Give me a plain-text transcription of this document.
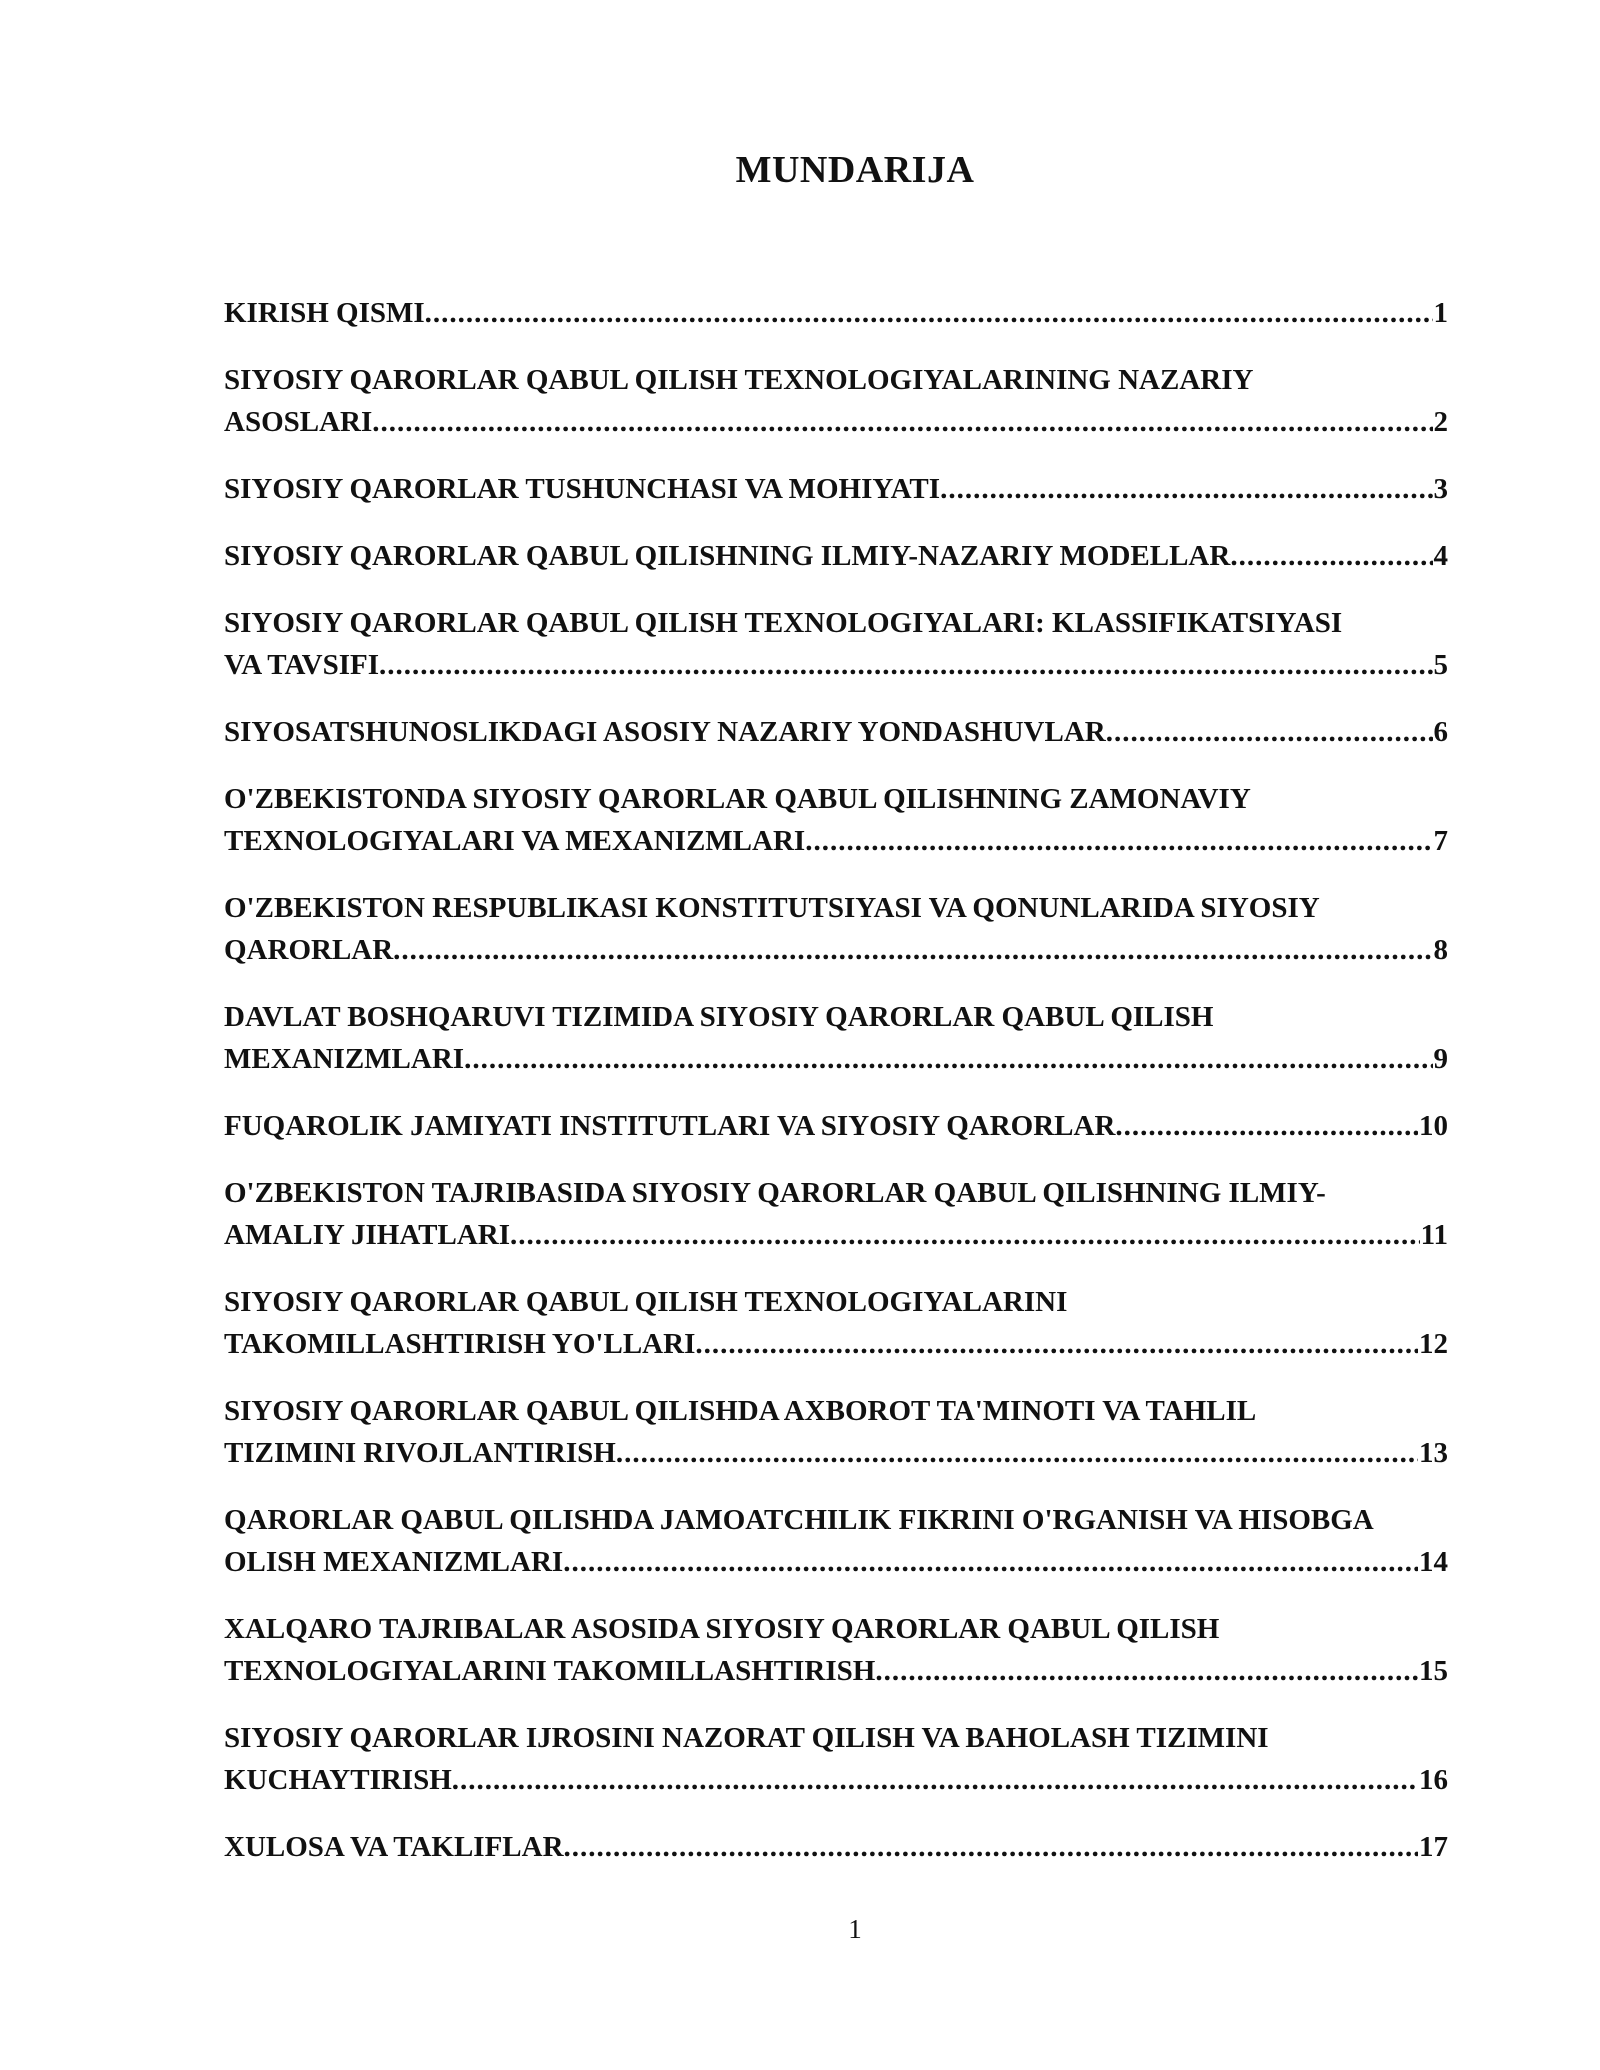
MUNDARIJA
KIRISH QISMI .....	1
SIYOSIY QARORLAR QABUL QILISH TEXNOLOGIYALARINING NAZARIY
ASOSLARI .....	2
SIYOSIY QARORLAR TUSHUNCHASI VA MOHIYATI .....	3
SIYOSIY QARORLAR QABUL QILISHNING ILMIY-NAZARIY MODELLAR .....	4
SIYOSIY QARORLAR QABUL QILISH TEXNOLOGIYALARI: KLASSIFIKATSIYASI
VA TAVSIFI .....	5
SIYOSATSHUNOSLIKDAGI ASOSIY NAZARIY YONDASHUVLAR .....	6
O'ZBEKISTONDA SIYOSIY QARORLAR QABUL QILISHNING ZAMONAVIY
TEXNOLOGIYALARI VA MEXANIZMLARI .....	7
O'ZBEKISTON RESPUBLIKASI KONSTITUTSIYASI VA QONUNLARIDA SIYOSIY
QARORLAR .....	8
DAVLAT BOSHQARUVI TIZIMIDA SIYOSIY QARORLAR QABUL QILISH
MEXANIZMLARI .....	9
FUQAROLIK JAMIYATI INSTITUTLARI VA SIYOSIY QARORLAR .....	10
O'ZBEKISTON TAJRIBASIDA SIYOSIY QARORLAR QABUL QILISHNING ILMIY-
AMALIY JIHATLARI .....	11
SIYOSIY QARORLAR QABUL QILISH TEXNOLOGIYALARINI
TAKOMILLASHTIRISH YO'LLARI .....	12
SIYOSIY QARORLAR QABUL QILISHDA AXBOROT TA'MINOTI VA TAHLIL
TIZIMINI RIVOJLANTIRISH .....	13
QARORLAR QABUL QILISHDA JAMOATCHILIK FIKRINI O'RGANISH VA HISOBGA
OLISH MEXANIZMLARI .....	14
XALQARO TAJRIBALAR ASOSIDA SIYOSIY QARORLAR QABUL QILISH
TEXNOLOGIYALARINI TAKOMILLASHTIRISH .....	15
SIYOSIY QARORLAR IJROSINI NAZORAT QILISH VA BAHOLASH TIZIMINI
KUCHAYTIRISH .....	16
XULOSA VA TAKLIFLAR .....	17
1
